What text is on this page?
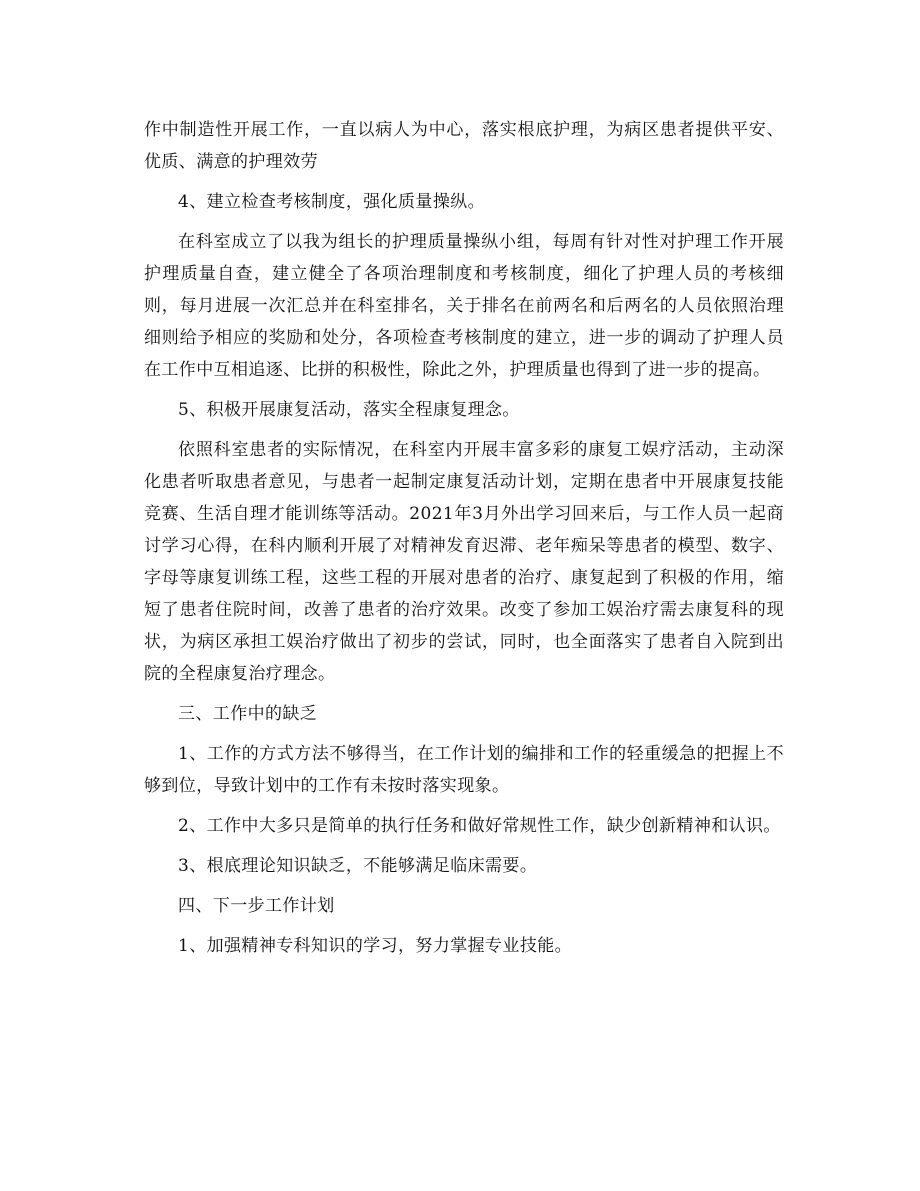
作中制造性开展工作，一直以病人为中心，落实根底护理，为病区患者提供平安、优质、满意的护理效劳

4、建立检查考核制度，强化质量操纵。

在科室成立了以我为组长的护理质量操纵小组，每周有针对性对护理工作开展护理质量自查，建立健全了各项治理制度和考核制度，细化了护理人员的考核细则，每月进展一次汇总并在科室排名，关于排名在前两名和后两名的人员依照治理细则给予相应的奖励和处分，各项检查考核制度的建立，进一步的调动了护理人员在工作中互相追逐、比拼的积极性，除此之外，护理质量也得到了进一步的提高。

5、积极开展康复活动，落实全程康复理念。

依照科室患者的实际情况，在科室内开展丰富多彩的康复工娱疗活动，主动深化患者听取患者意见，与患者一起制定康复活动计划，定期在患者中开展康复技能竞赛、生活自理才能训练等活动。2021年3月外出学习回来后，与工作人员一起商讨学习心得，在科内顺利开展了对精神发育迟滞、老年痴呆等患者的模型、数字、字母等康复训练工程，这些工程的开展对患者的治疗、康复起到了积极的作用，缩短了患者住院时间，改善了患者的治疗效果。改变了参加工娱治疗需去康复科的现状，为病区承担工娱治疗做出了初步的尝试，同时，也全面落实了患者自入院到出院的全程康复治疗理念。

三、工作中的缺乏

1、工作的方式方法不够得当，在工作计划的编排和工作的轻重缓急的把握上不够到位，导致计划中的工作有未按时落实现象。

2、工作中大多只是简单的执行任务和做好常规性工作，缺少创新精神和认识。

3、根底理论知识缺乏，不能够满足临床需要。

四、下一步工作计划

1、加强精神专科知识的学习，努力掌握专业技能。
